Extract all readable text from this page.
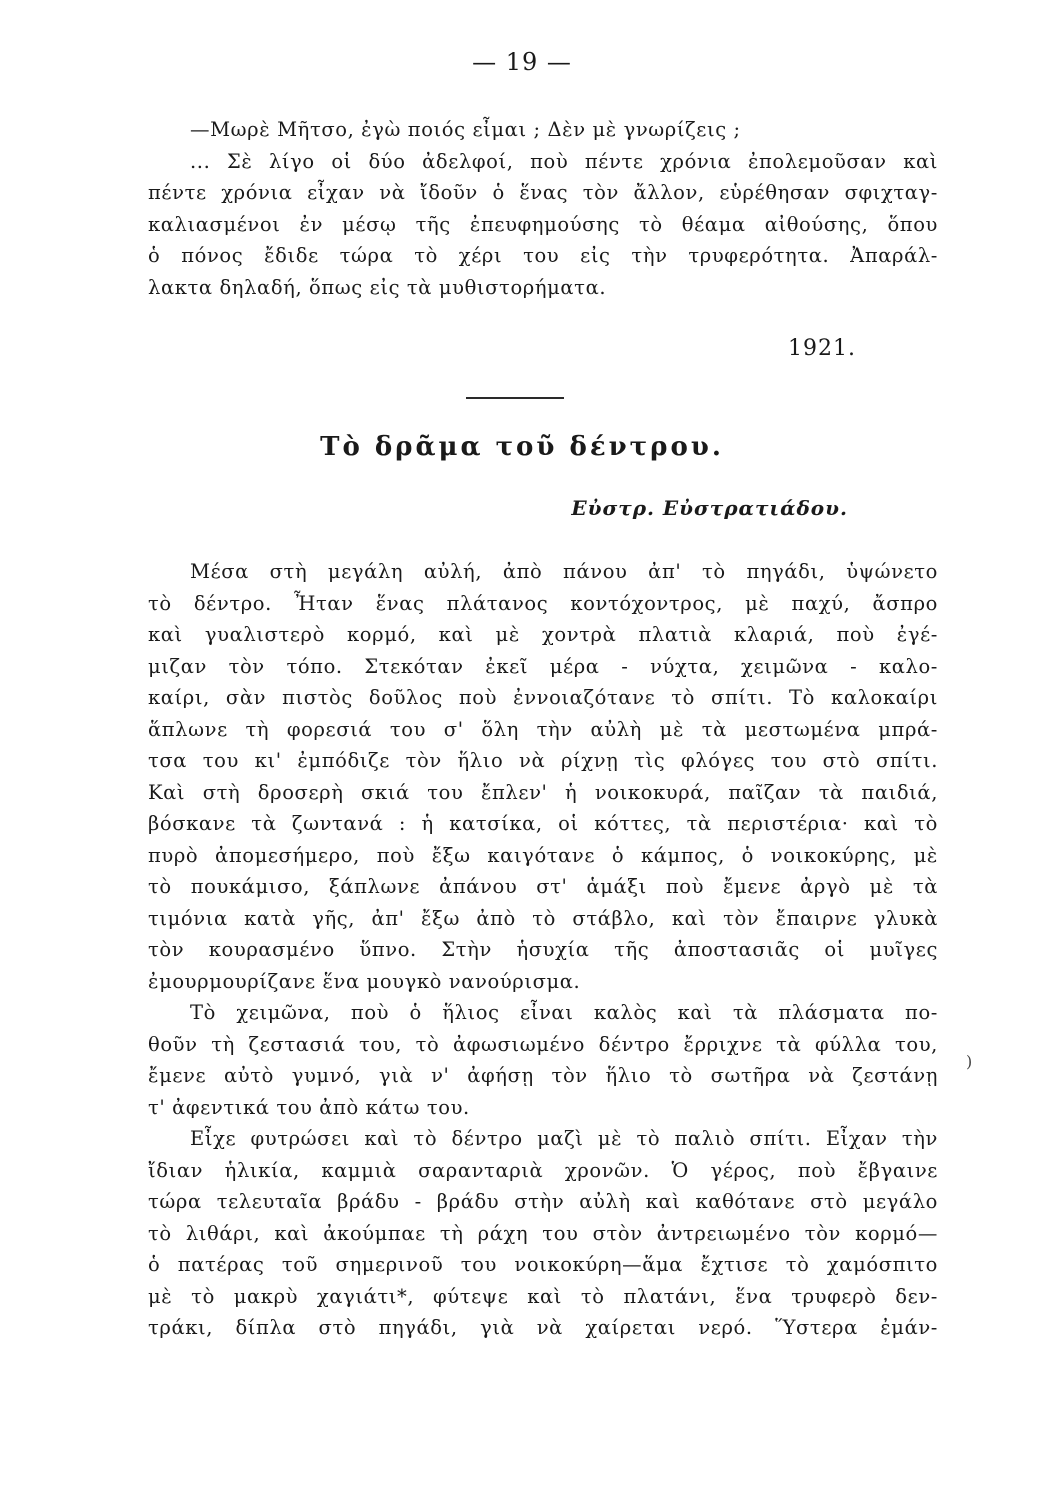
— 19 —
—Μωρὲ Μῆτσο, ἐγὼ ποιός εἶμαι ; Δὲν μὲ γνωρίζεις ;
... Σὲ λίγο οἱ δύο ἀδελφοί, ποὺ πέντε χρόνια ἐπολεμοῦσαν καὶ
πέντε χρόνια εἶχαν νὰ ἴδοῦν ὁ ἕνας τὸν ἄλλον, εὑρέθησαν σφιχταγ-
καλιασμένοι ἐν μέσῳ τῆς ἐπευφημούσης τὸ θέαμα αἰθούσης, ὅπου
ὁ πόνος ἔδιδε τώρα τὸ χέρι του εἰς τὴν τρυφερότητα. Ἀπαράλ-
λακτα δηλαδή, ὅπως εἰς τὰ μυθιστορήματα.
1921.
Τὸ δρᾶμα τοῦ δέντρου.
Εὐστρ. Εὐστρατιάδου.
Μέσα στὴ μεγάλη αὐλή, ἀπὸ πάνου ἀπ' τὸ πηγάδι, ὑψώνετο
τὸ δέντρο. Ἦταν ἕνας πλάτανος κοντόχοντρος, μὲ παχύ, ἄσπρο
καὶ γυαλιστερὸ κορμό, καὶ μὲ χοντρὰ πλατιὰ κλαριά, ποὺ ἐγέ-
μιζαν τὸν τόπο. Στεκόταν ἐκεῖ μέρα - νύχτα, χειμῶνα - καλο-
καίρι, σὰν πιστὸς δοῦλος ποὺ ἐννοιαζότανε τὸ σπίτι. Τὸ καλοκαίρι
ἅπλωνε τὴ φορεσιά του σ' ὅλη τὴν αὐλὴ μὲ τὰ μεστωμένα μπρά-
τσα του κι' ἐμπόδιζε τὸν ἥλιο νὰ ρίχνῃ τὶς φλόγες του στὸ σπίτι.
Καὶ στὴ δροσερὴ σκιά του ἔπλεν' ἡ νοικοκυρά, παῖζαν τὰ παιδιά,
βόσκανε τὰ ζωντανά : ἡ κατσίκα, οἱ κόττες, τὰ περιστέρια· καὶ τὸ
πυρὸ ἀπομεσήμερο, ποὺ ἔξω καιγότανε ὁ κάμπος, ὁ νοικοκύρης, μὲ
τὸ πουκάμισο, ξάπλωνε ἀπάνου στ' ἁμάξι ποὺ ἔμενε ἀργὸ μὲ τὰ
τιμόνια κατὰ γῆς, ἀπ' ἔξω ἀπὸ τὸ στάβλο, καὶ τὸν ἔπαιρνε γλυκὰ
τὸν κουρασμένο ὕπνο. Στὴν ἡσυχία τῆς ἀποστασιᾶς οἱ μυῖγες
ἐμουρμουρίζανε ἕνα μουγκὸ νανούρισμα.
Τὸ χειμῶνα, ποὺ ὁ ἥλιος εἶναι καλὸς καὶ τὰ πλάσματα πο-
θοῦν τὴ ζεστασιά του, τὸ ἀφωσιωμένο δέντρο ἔρριχνε τὰ φύλλα του,
ἔμενε αὐτὸ γυμνό, γιὰ ν' ἀφήσῃ τὸν ἥλιο τὸ σωτῆρα νὰ ζεστάνῃ
τ' ἀφεντικά του ἀπὸ κάτω του.
Εἶχε φυτρώσει καὶ τὸ δέντρο μαζὶ μὲ τὸ παλιὸ σπίτι. Εἶχαν τὴν
ἴδιαν ἡλικία, καμμιὰ σαρανταριὰ χρονῶν. Ὁ γέρος, ποὺ ἔβγαινε
τώρα τελευταῖα βράδυ - βράδυ στὴν αὐλὴ καὶ καθότανε στὸ μεγάλο
τὸ λιθάρι, καὶ ἀκούμπαε τὴ ράχη του στὸν ἀντρειωμένο τὸν κορμό—
ὁ πατέρας τοῦ σημερινοῦ του νοικοκύρη—ἅμα ἔχτισε τὸ χαμόσπιτο
μὲ τὸ μακρὺ χαγιάτι*, φύτεψε καὶ τὸ πλατάνι, ἕνα τρυφερὸ δεν-
τράκι, δίπλα στὸ πηγάδι, γιὰ νὰ χαίρεται νερό. Ὕστερα ἐμάν-
)
